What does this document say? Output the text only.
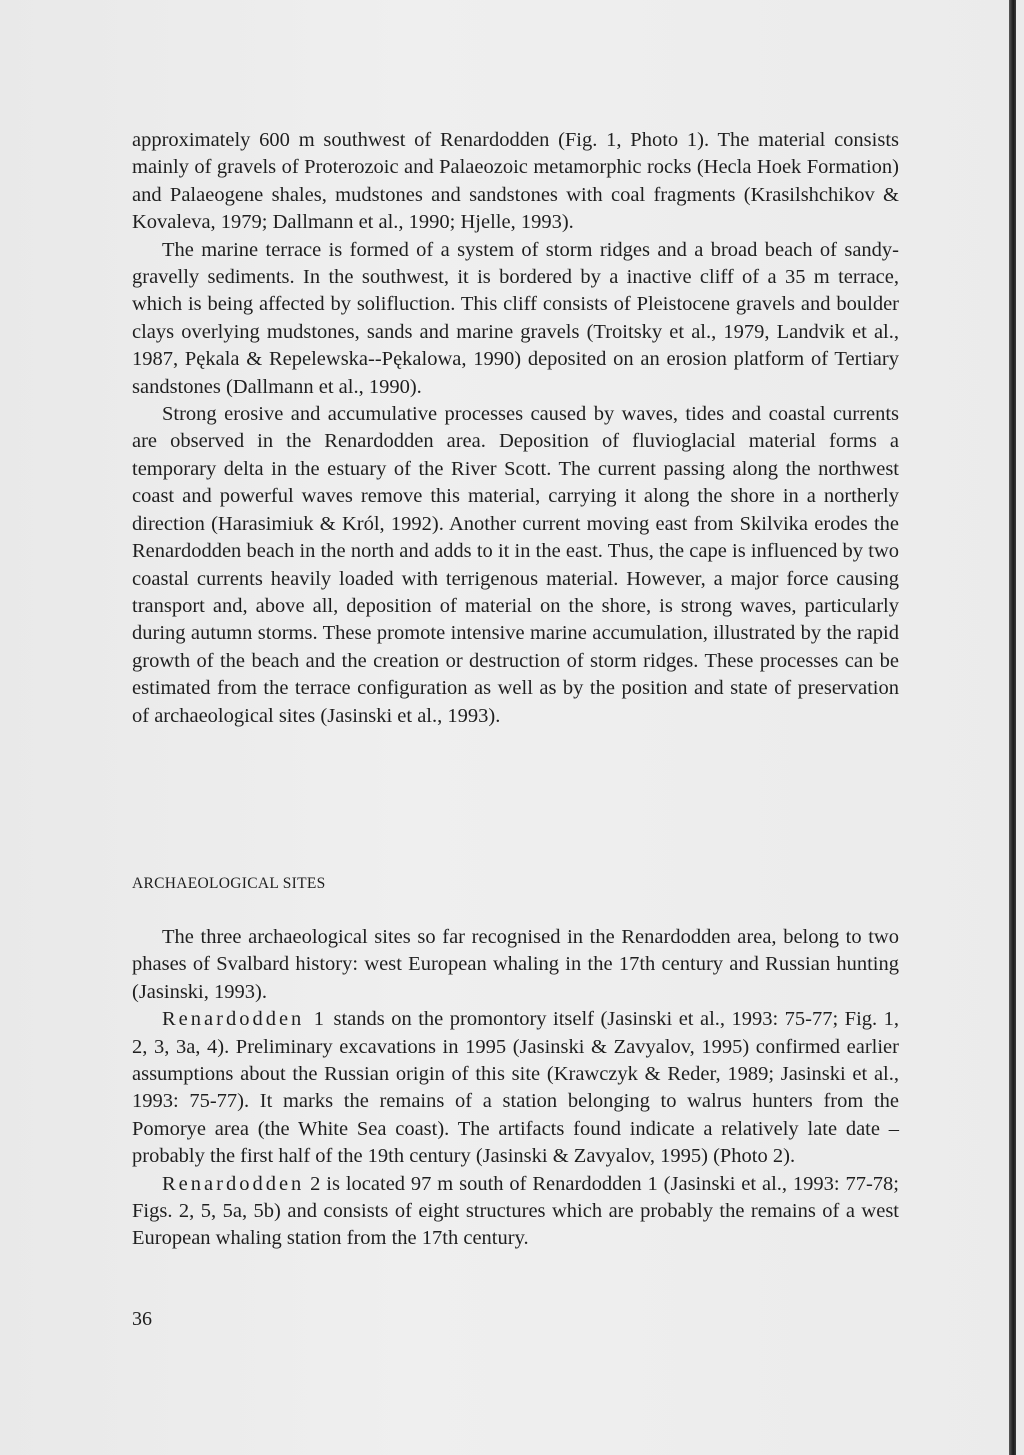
approximately 600 m southwest of Renardodden (Fig. 1, Photo 1). The material consists mainly of gravels of Proterozoic and Palaeozoic metamorphic rocks (Hecla Hoek Formation) and Palaeogene shales, mudstones and sandstones with coal fragments (Krasilshchikov & Kovaleva, 1979; Dallmann et al., 1990; Hjelle, 1993).

The marine terrace is formed of a system of storm ridges and a broad beach of sandy-gravelly sediments. In the southwest, it is bordered by a inactive cliff of a 35 m terrace, which is being affected by solifluction. This cliff consists of Pleistocene gravels and boulder clays overlying mudstones, sands and marine gravels (Troitsky et al., 1979, Landvik et al., 1987, Pękala & Repelewska--Pękalowa, 1990) deposited on an erosion platform of Tertiary sandstones (Dallmann et al., 1990).

Strong erosive and accumulative processes caused by waves, tides and coastal currents are observed in the Renardodden area. Deposition of fluvioglacial material forms a temporary delta in the estuary of the River Scott. The current passing along the northwest coast and powerful waves remove this material, carrying it along the shore in a northerly direction (Harasimiuk & Król, 1992). Another current moving east from Skilvika erodes the Renardodden beach in the north and adds to it in the east. Thus, the cape is influenced by two coastal currents heavily loaded with terrigenous material. However, a major force causing transport and, above all, deposition of material on the shore, is strong waves, particularly during autumn storms. These promote intensive marine accumulation, illustrated by the rapid growth of the beach and the creation or destruction of storm ridges. These processes can be estimated from the terrace configuration as well as by the position and state of preservation of archaeological sites (Jasinski et al., 1993).

ARCHAEOLOGICAL SITES

The three archaeological sites so far recognised in the Renardodden area, belong to two phases of Svalbard history: west European whaling in the 17th century and Russian hunting (Jasinski, 1993).

Renardodden 1 stands on the promontory itself (Jasinski et al., 1993: 75-77; Fig. 1, 2, 3, 3a, 4). Preliminary excavations in 1995 (Jasinski & Zavyalov, 1995) confirmed earlier assumptions about the Russian origin of this site (Krawczyk & Reder, 1989; Jasinski et al., 1993: 75-77). It marks the remains of a station belonging to walrus hunters from the Pomorye area (the White Sea coast). The artifacts found indicate a relatively late date – probably the first half of the 19th century (Jasinski & Zavyalov, 1995) (Photo 2).

Renardodden 2 is located 97 m south of Renardodden 1 (Jasinski et al., 1993: 77-78; Figs. 2, 5, 5a, 5b) and consists of eight structures which are probably the remains of a west European whaling station from the 17th century.

36
